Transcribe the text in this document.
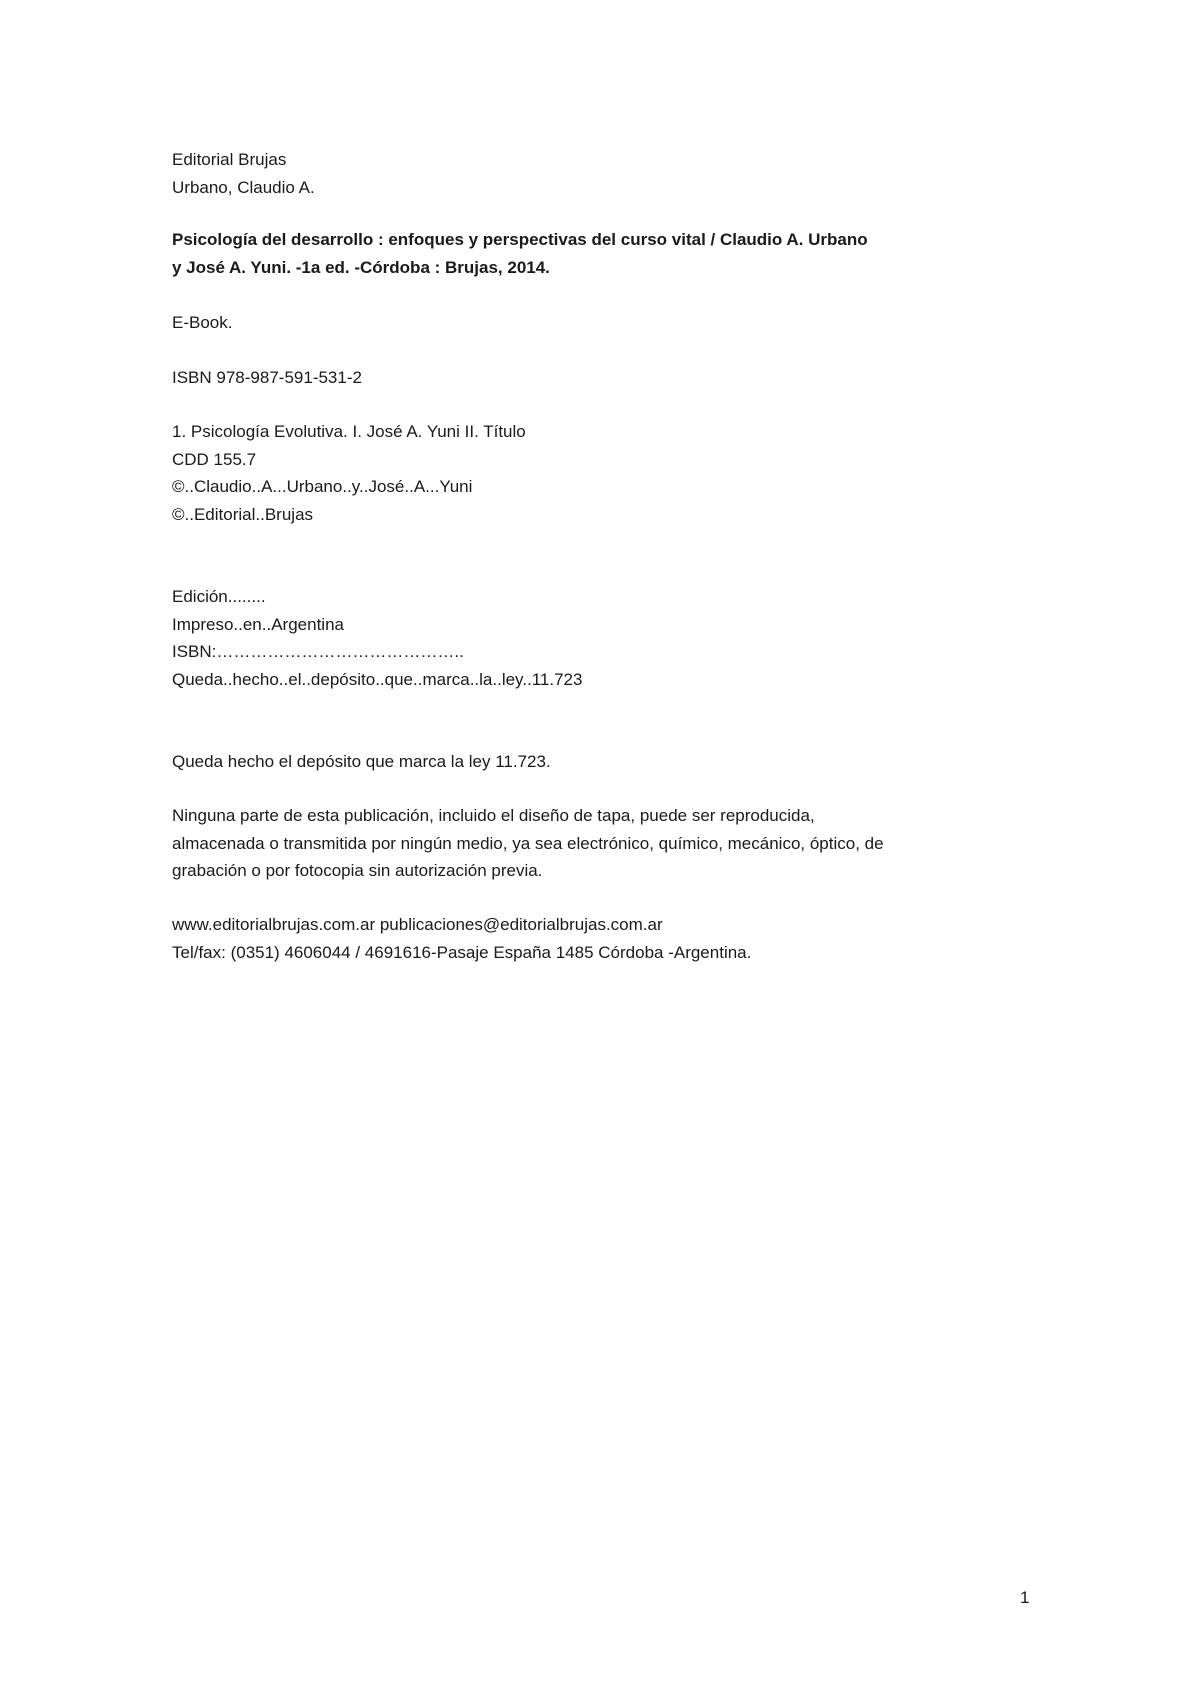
Editorial Brujas
Urbano, Claudio A.
Psicología del desarrollo : enfoques y perspectivas del curso vital / Claudio A. Urbano
y José A. Yuni. -1a ed. -Córdoba : Brujas, 2014.
E-Book.
ISBN 978-987-591-531-2
1. Psicología Evolutiva. I. José A. Yuni II. Título
CDD 155.7
©..Claudio..A...Urbano..y..José..A...Yuni
©..Editorial..Brujas
Edición........
Impreso..en..Argentina
ISBN:……………………………………..
Queda..hecho..el..depósito..que..marca..la..ley..11.723
Queda hecho el depósito que marca la ley 11.723.
Ninguna parte de esta publicación, incluido el diseño de tapa, puede ser reproducida,
almacenada o transmitida por ningún medio, ya sea electrónico, químico, mecánico, óptico, de
grabación o por fotocopia sin autorización previa.
www.editorialbrujas.com.ar publicaciones@editorialbrujas.com.ar
Tel/fax: (0351) 4606044 / 4691616-Pasaje España 1485 Córdoba -Argentina.
1
